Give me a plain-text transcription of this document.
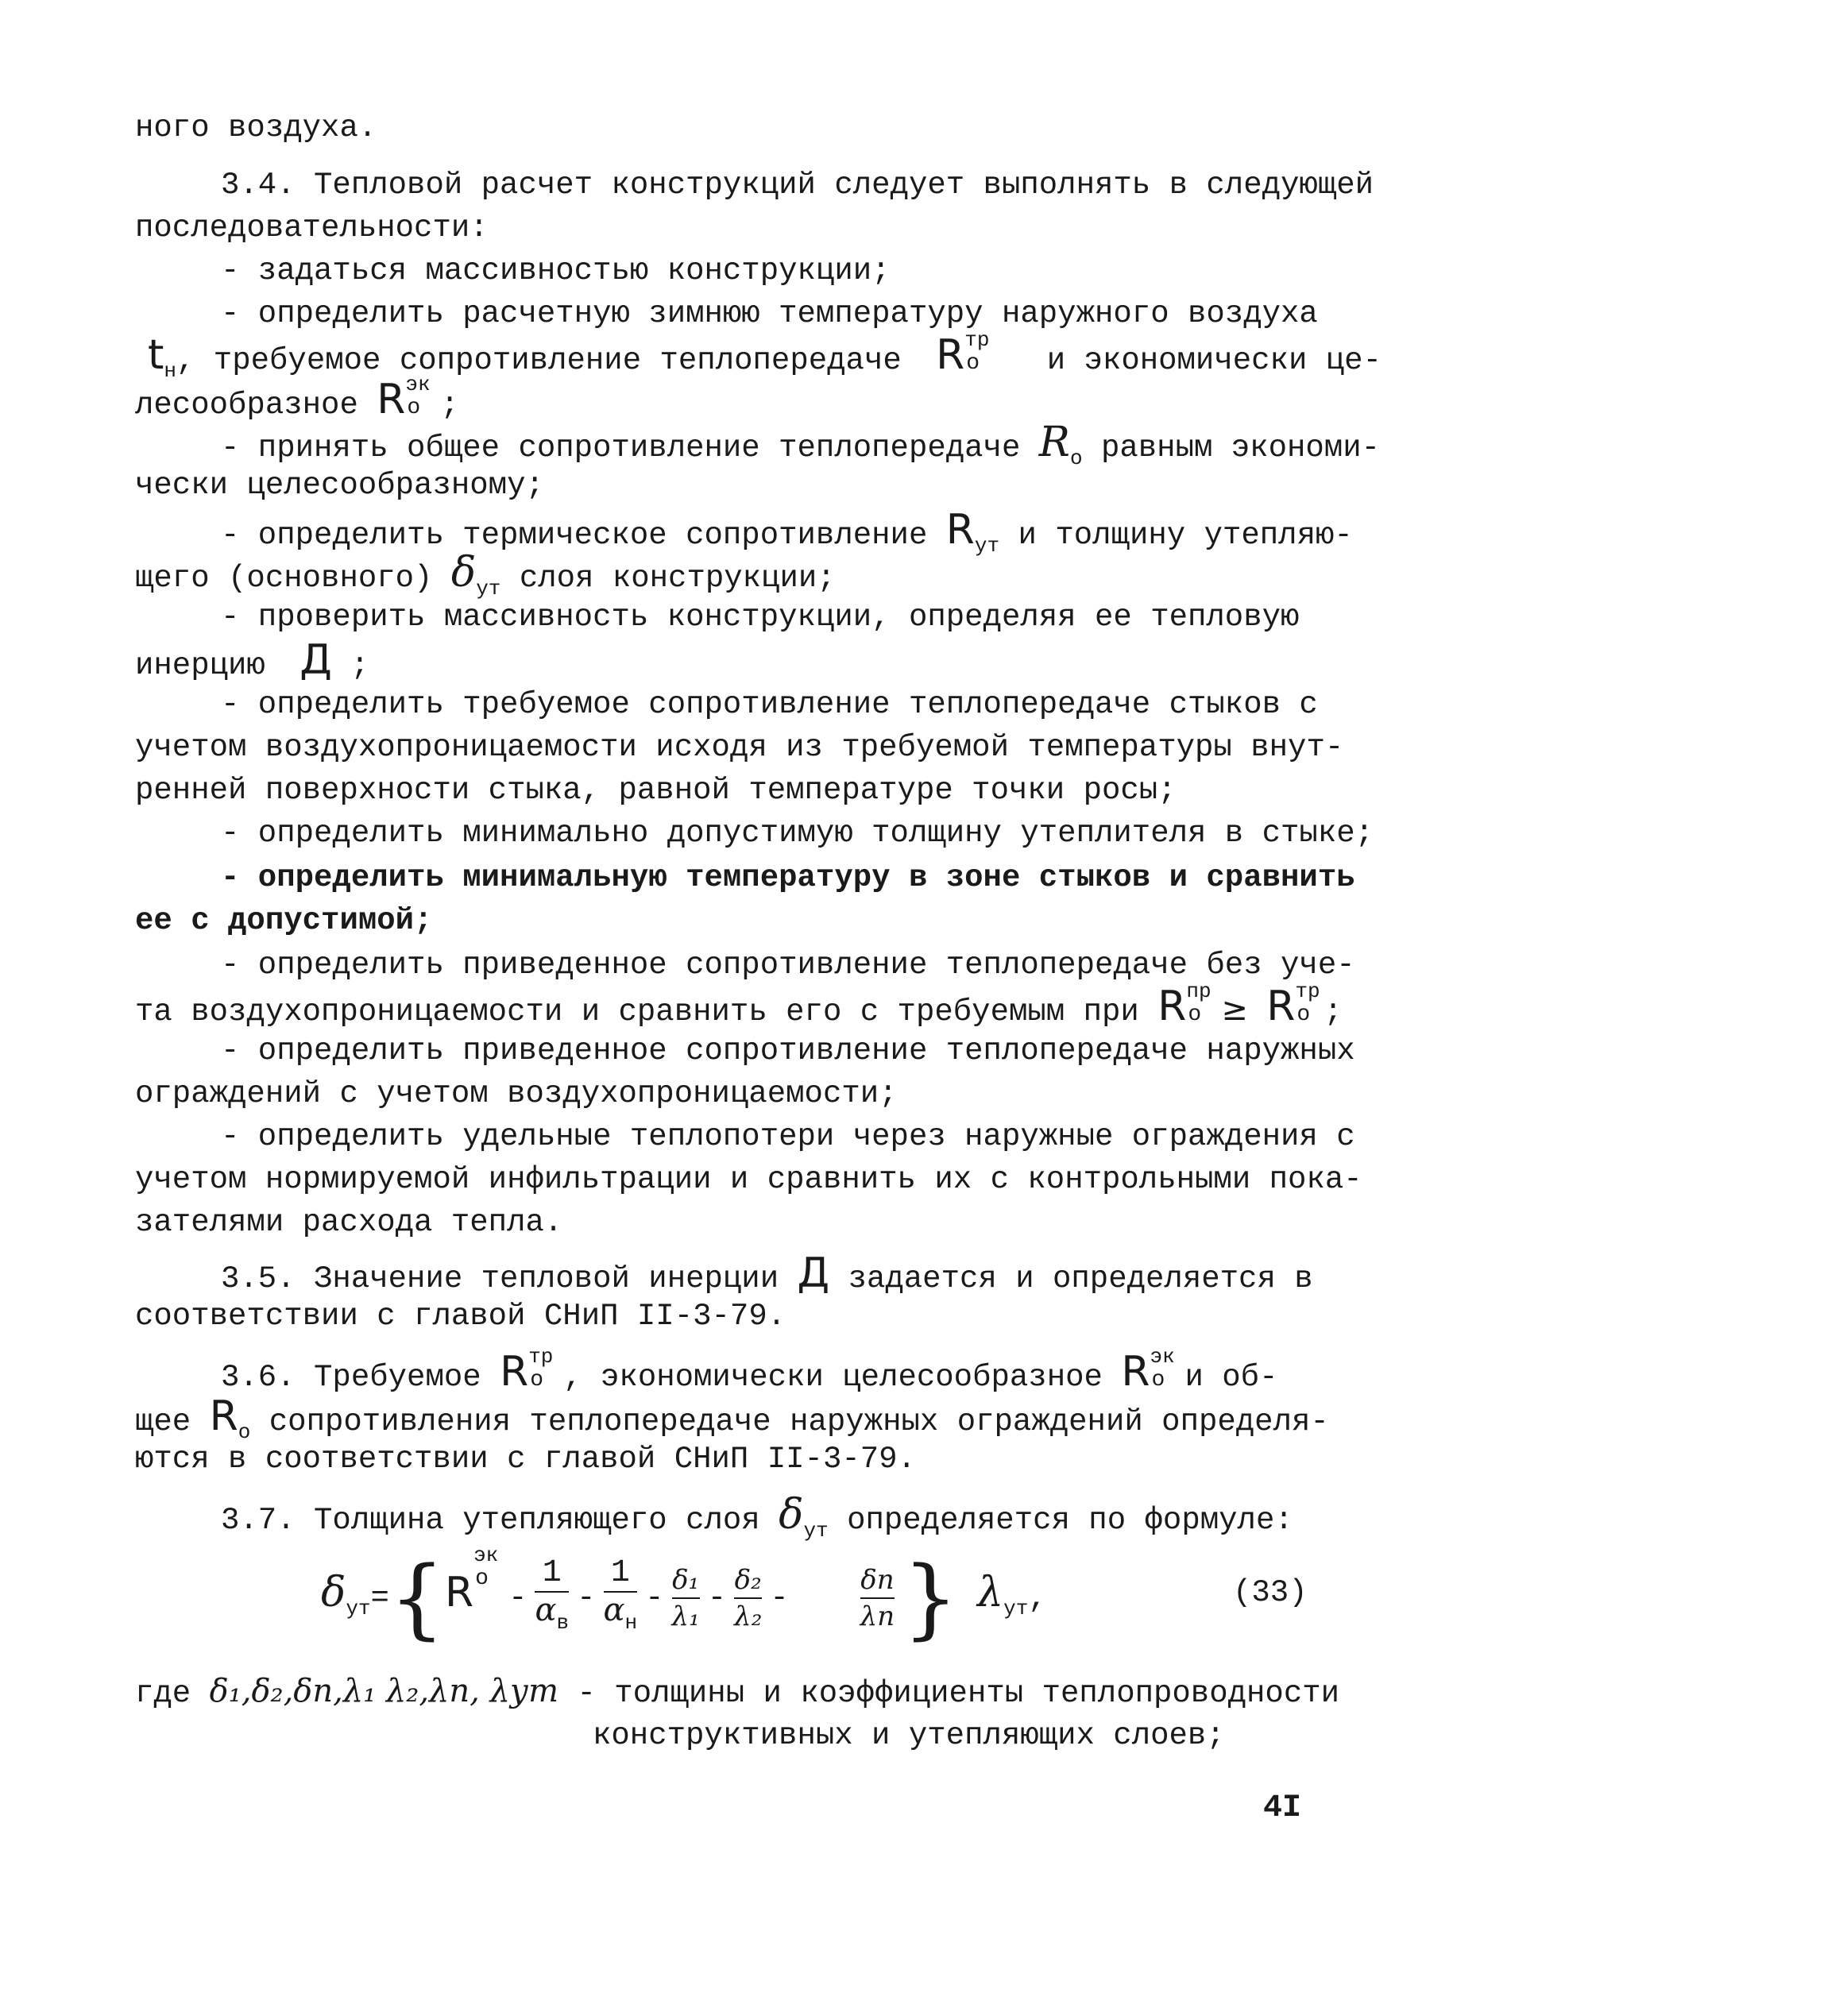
ного воздуха.
3.4. Тепловой расчет конструкций следует выполнять в следующей
последовательности:
- задаться массивностью конструкции;
- определить расчетную зимнюю температуру наружного воздуха
$t_н$, требуемое сопротивление теплопередаче R тр
о и экономически це-
лесообразное R эк
о ;
- принять общее сопротивление теплопередаче $R_о$ равным экономи-
чески целесообразному;
- определить термическое сопротивление $R_{ут}$ и толщину утепляю-
щего (основного) $\delta_{ут}$ слоя конструкции;
- проверить массивность конструкции, определяя ее тепловую
инерцию Д ;
- определить требуемое сопротивление теплопередаче стыков с
учетом воздухопроницаемости исходя из требуемой температуры внут-
ренней поверхности стыка, равной температуре точки росы;
- определить минимально допустимую толщину утеплителя в стыке;
- определить минимальную температуру в зоне стыков и сравнить
ее с допустимой;
- определить приведенное сопротивление теплопередаче без уче-
та воздухопроницаемости и сравнить его с требуемым при R пр
о ≥ R тр
о ;
- определить приведенное сопротивление теплопередаче наружных
ограждений с учетом воздухопроницаемости;
- определить удельные теплопотери через наружные ограждения с
учетом нормируемой инфильтрации и сравнить их с контрольными пока-
зателями расхода тепла.
3.5. Значение тепловой инерции Д задается и определяется в
соответствии с главой СНиП II-3-79.
3.6. Требуемое R тр
о , экономически целесообразное R эк
о и об-
щее $R_о$ сопротивления теплопередаче наружных ограждений определя-
ются в соответствии с главой СНиП II-3-79.
3.7. Толщина утепляющего слоя $\delta_{ут}$ определяется по формуле:
$\delta_{ут}=\{R$
эк
о
- $\frac{1}{\alpha_в} - \frac{1}{\alpha_н} - \frac{\text{δ₁}}{\text{λ₁}} - \frac{\text{δ₂}}{\text{λ₂}}$ -	$\frac{\delta n}{\lambda n}$ } $\lambda_{ут}$,	(33)
где δ₁,δ₂,δn,λ₁ λ₂,λn, λут - толщины и коэффициенты теплопроводности
конструктивных и утепляющих слоев;
4I
